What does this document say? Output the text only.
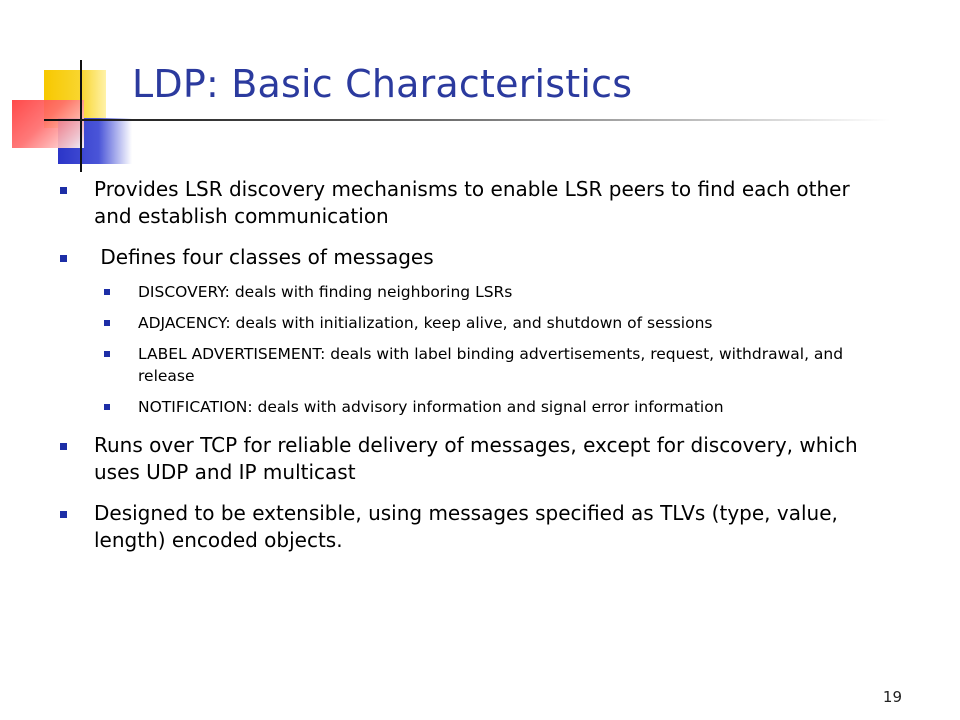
LDP: Basic Characteristics
Provides LSR discovery mechanisms to enable LSR peers to find each other and establish communication
Defines four classes of messages
DISCOVERY: deals with finding neighboring LSRs
ADJACENCY: deals with initialization, keep alive, and shutdown of sessions
LABEL ADVERTISEMENT: deals with label binding advertisements, request, withdrawal, and release
NOTIFICATION: deals with advisory information and signal error information
Runs over TCP for reliable delivery of messages, except for discovery, which uses UDP and IP multicast
Designed to be extensible, using messages specified as TLVs (type, value, length) encoded objects.
19
